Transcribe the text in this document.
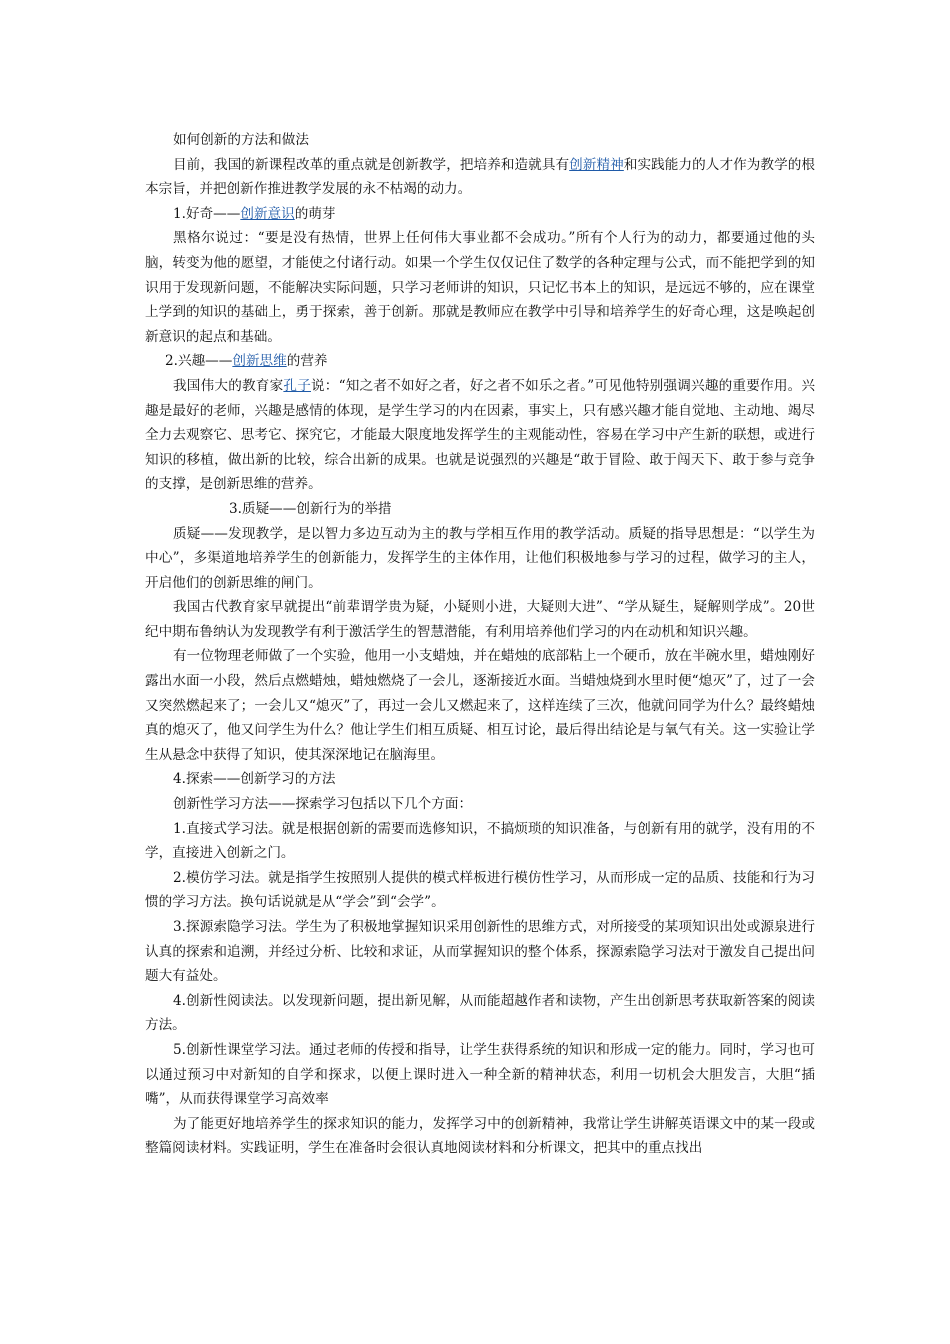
如何创新的方法和做法

目前，我国的新课程改革的重点就是创新教学，把培养和造就具有创新精神和实践能力的人才作为教学的根本宗旨，并把创新作推进教学发展的永不枯竭的动力。

1.好奇——创新意识的萌芽

黑格尔说过：“要是没有热情，世界上任何伟大事业都不会成功。”所有个人行为的动力，都要通过他的头脑，转变为他的愿望，才能使之付诸行动。如果一个学生仅仅记住了数学的各种定理与公式，而不能把学到的知识用于发现新问题，不能解决实际问题，只学习老师讲的知识，只记忆书本上的知识，是远远不够的，应在课堂上学到的知识的基础上，勇于探索，善于创新。那就是教师应在教学中引导和培养学生的好奇心理，这是唤起创新意识的起点和基础。

2.兴趣——创新思维的营养

我国伟大的教育家孔子说：“知之者不如好之者，好之者不如乐之者。”可见他特别强调兴趣的重要作用。兴趣是最好的老师，兴趣是感情的体现，是学生学习的内在因素，事实上，只有感兴趣才能自觉地、主动地、竭尽全力去观察它、思考它、探究它，才能最大限度地发挥学生的主观能动性，容易在学习中产生新的联想，或进行知识的移植，做出新的比较，综合出新的成果。也就是说强烈的兴趣是“敢于冒险、敢于闯天下、敢于参与竞争的支撑，是创新思维的营养。

3.质疑——创新行为的举措

质疑——发现教学，是以智力多边互动为主的教与学相互作用的教学活动。质疑的指导思想是：“以学生为中心”，多渠道地培养学生的创新能力，发挥学生的主体作用，让他们积极地参与学习的过程，做学习的主人，开启他们的创新思维的闸门。

我国古代教育家早就提出“前辈谓学贵为疑，小疑则小进，大疑则大进”、“学从疑生，疑解则学成”。20世纪中期布鲁纳认为发现教学有利于激活学生的智慧潜能，有利用培养他们学习的内在动机和知识兴趣。

有一位物理老师做了一个实验，他用一小支蜡烛，并在蜡烛的底部粘上一个硬币，放在半碗水里，蜡烛刚好露出水面一小段，然后点燃蜡烛，蜡烛燃烧了一会儿，逐渐接近水面。当蜡烛烧到水里时便“熄灭”了，过了一会又突然燃起来了；一会儿又“熄灭”了，再过一会儿又燃起来了，这样连续了三次，他就问同学为什么？最终蜡烛真的熄灭了，他又问学生为什么？他让学生们相互质疑、相互讨论，最后得出结论是与氧气有关。这一实验让学生从悬念中获得了知识，使其深深地记在脑海里。

4.探索——创新学习的方法

创新性学习方法——探索学习包括以下几个方面：

1.直接式学习法。就是根据创新的需要而选修知识，不搞烦琐的知识准备，与创新有用的就学，没有用的不学，直接进入创新之门。

2.模仿学习法。就是指学生按照别人提供的模式样板进行模仿性学习，从而形成一定的品质、技能和行为习惯的学习方法。换句话说就是从“学会”到“会学”。

3.探源索隐学习法。学生为了积极地掌握知识采用创新性的思维方式，对所接受的某项知识出处或源泉进行认真的探索和追溯，并经过分析、比较和求证，从而掌握知识的整个体系，探源索隐学习法对于激发自己提出问题大有益处。

4.创新性阅读法。以发现新问题，提出新见解，从而能超越作者和读物，产生出创新思考获取新答案的阅读方法。

5.创新性课堂学习法。通过老师的传授和指导，让学生获得系统的知识和形成一定的能力。同时，学习也可以通过预习中对新知的自学和探求，以便上课时进入一种全新的精神状态，利用一切机会大胆发言，大胆“插嘴”，从而获得课堂学习高效率

为了能更好地培养学生的探求知识的能力，发挥学习中的创新精神，我常让学生讲解英语课文中的某一段或整篇阅读材料。实践证明，学生在准备时会很认真地阅读材料和分析课文，把其中的重点找出
